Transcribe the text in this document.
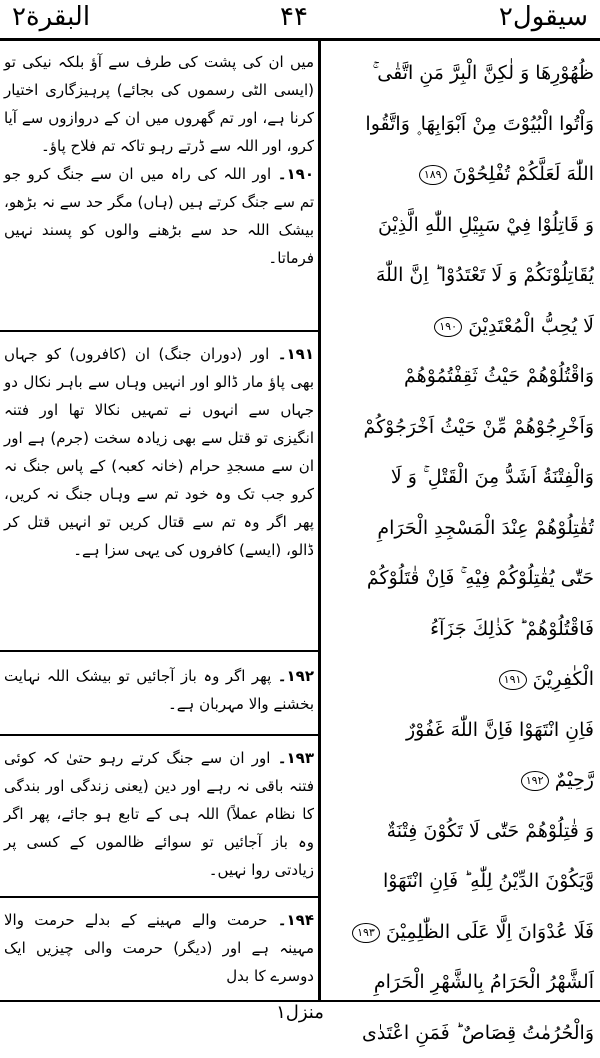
البقرة۲	۴۴	سیقول۲

میں ان کی پشت کی طرف سے آؤ بلکہ نیکی تو (ایسی الٹی رسموں کی بجائے) پرہیزگاری اختیار کرنا ہے، اور تم گھروں میں ان کے دروازوں سے آیا کرو، اور اللہ سے ڈرتے رہو تاکہ تم فلاح پاؤ۔

۱۹۰۔ اور اللہ کی راہ میں ان سے جنگ کرو جو تم سے جنگ کرتے ہیں (ہاں) مگر حد سے نہ بڑھو، بیشک اللہ حد سے بڑھنے والوں کو پسند نہیں فرماتا۔

۱۹۱۔ اور (دوران جنگ) ان (کافروں) کو جہاں بھی پاؤ مار ڈالو اور انہیں وہاں سے باہر نکال دو جہاں سے انہوں نے تمہیں نکالا تھا اور فتنہ انگیزی تو قتل سے بھی زیادہ سخت (جرم) ہے اور ان سے مسجدِ حرام (خانہ کعبہ) کے پاس جنگ نہ کرو جب تک وہ خود تم سے وہاں جنگ نہ کریں، پھر اگر وہ تم سے قتال کریں تو انہیں قتل کر ڈالو، (ایسے) کافروں کی یہی سزا ہے۔

۱۹۲۔ پھر اگر وہ باز آجائیں تو بیشک اللہ نہایت بخشنے والا مہربان ہے۔

۱۹۳۔ اور ان سے جنگ کرتے رہو حتیٰ کہ کوئی فتنہ باقی نہ رہے اور دین (یعنی زندگی اور بندگی کا نظام عملاً) اللہ ہی کے تابع ہو جائے، پھر اگر وہ باز آجائیں تو سوائے ظالموں کے کسی پر زیادتی روا نہیں۔

۱۹۴۔ حرمت والے مہینے کے بدلے حرمت والا مہینہ ہے اور (دیگر) حرمت والی چیزیں ایک دوسرے کا بدل

ظُهُوْرِهَا وَ لٰكِنَّ الْبِرَّ مَنِ اتَّقٰى ۚ
وَاْتُوا الْبُيُوْتَ مِنْ اَبْوَابِهَا ۪ وَاتَّقُوا
اللّٰهَ لَعَلَّكُمْ تُفْلِحُوْنَ ۱۸۹
وَ قَاتِلُوْا فِيْ سَبِيْلِ اللّٰهِ الَّذِيْنَ
يُقَاتِلُوْنَكُمْ وَ لَا تَعْتَدُوْا ؕ اِنَّ اللّٰهَ
لَا يُحِبُّ الْمُعْتَدِيْنَ ۱۹۰
وَاقْتُلُوْهُمْ حَيْثُ ثَقِفْتُمُوْهُمْ
وَاَخْرِجُوْهُمْ مِّنْ حَيْثُ اَخْرَجُوْكُمْ
وَالْفِتْنَةُ اَشَدُّ مِنَ الْقَتْلِ ۚ وَ لَا
تُقٰتِلُوْهُمْ عِنْدَ الْمَسْجِدِ الْحَرَامِ
حَتّٰى يُقٰتِلُوْكُمْ فِيْهِ ۚ فَاِنْ قٰتَلُوْكُمْ
فَاقْتُلُوْهُمْ ؕ كَذٰلِكَ جَزَآءُ
الْكٰفِرِيْنَ ۱۹۱
فَاِنِ انْتَهَوْا فَاِنَّ اللّٰهَ غَفُوْرٌ
رَّحِيْمٌ ۱۹۲
وَ قٰتِلُوْهُمْ حَتّٰى لَا تَكُوْنَ فِتْنَةٌ
وَّيَكُوْنَ الدِّيْنُ لِلّٰهِ ؕ فَاِنِ انْتَهَوْا
فَلَا عُدْوَانَ اِلَّا عَلَى الظّٰلِمِيْنَ ۱۹۳
اَلشَّهْرُ الْحَرَامُ بِالشَّهْرِ الْحَرَامِ
وَالْحُرُمٰتُ قِصَاصٌ ؕ فَمَنِ اعْتَدٰى
منزل۱
